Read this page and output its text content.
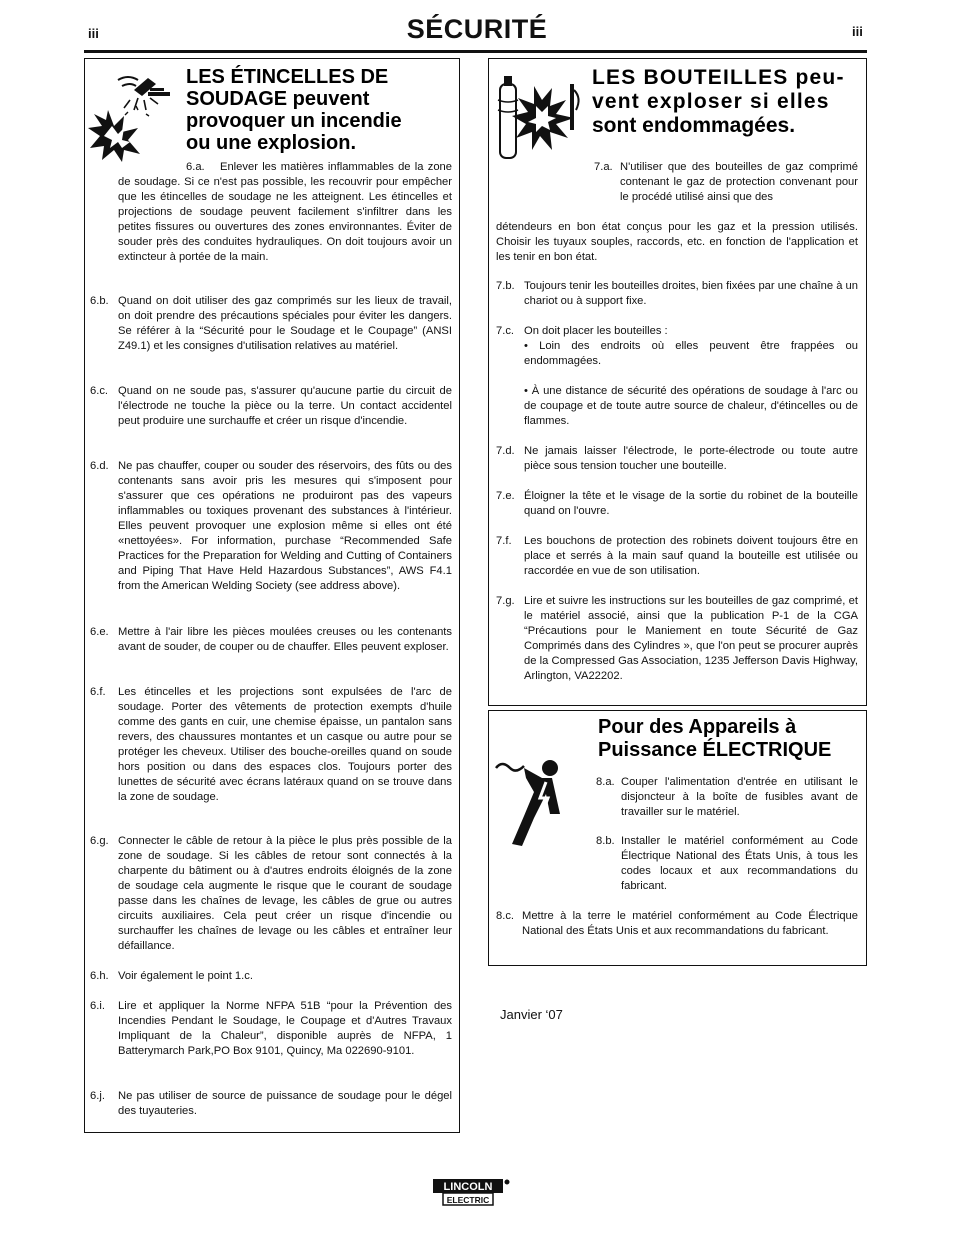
iii	SÉCURITÉ	iii
LES ÉTINCELLES DE
SOUDAGE peuvent
provoquer un incendie
ou une explosion.
6.a.	Enlever les matières inflammables de la zone de soudage. Si ce n'est pas possible, les recouvrir pour empêcher que les étincelles de soudage ne les atteignent. Les étincelles et projections de soudage peuvent facilement s'infiltrer dans les petites fissures ou ouvertures des zones environnantes. Éviter de souder près des conduites hydrauliques. On doit toujours avoir un extincteur à portée de la main.
6.b. Quand on doit utiliser des gaz comprimés sur les lieux de travail, on doit prendre des précautions spéciales pour éviter les dangers. Se référer à la “Sécurité pour le Soudage et le Coupage” (ANSI Z49.1) et les consignes d'utilisation relatives au matériel.
6.c. Quand on ne soude pas, s'assurer qu'aucune partie du circuit de l'électrode ne touche la pièce ou la terre. Un contact accidentel peut produire une surchauffe et créer un risque d'incendie.
6.d. Ne pas chauffer, couper ou souder des réservoirs, des fûts ou des contenants sans avoir pris les mesures qui s'imposent pour s'assurer que ces opérations ne produiront pas des vapeurs inflammables ou toxiques provenant des substances à l'intérieur. Elles peuvent provoquer une explosion même si elles ont été «nettoyées». For information, purchase “Recommended Safe Practices for the Preparation for Welding and Cutting of Containers and Piping That Have Held Hazardous Substances”, AWS F4.1 from the American Welding Society (see address above).
6.e. Mettre à l'air libre les pièces moulées creuses ou les contenants avant de souder, de couper ou de chauffer. Elles peuvent exploser.
6.f. Les étincelles et les projections sont expulsées de l'arc de soudage. Porter des vêtements de protection exempts d'huile comme des gants en cuir, une chemise épaisse, un pantalon sans revers, des chaussures montantes et un casque ou autre pour se protéger les cheveux. Utiliser des bouche-oreilles quand on soude hors position ou dans des espaces clos. Toujours porter des lunettes de sécurité avec écrans latéraux quand on se trouve dans la zone de soudage.
6.g. Connecter le câble de retour à la pièce le plus près possible de la zone de soudage. Si les câbles de retour sont connectés à la charpente du bâtiment ou à d'autres endroits éloignés de la zone de soudage cela augmente le risque que le courant de soudage passe dans les chaînes de levage, les câbles de grue ou autres circuits auxiliaires. Cela peut créer un risque d'incendie ou surchauffer les chaînes de levage ou les câbles et entraîner leur défaillance.
6.h. Voir également le point 1.c.
6.i. Lire et appliquer la Norme NFPA 51B “pour la Prévention des Incendies Pendant le Soudage, le Coupage et d'Autres Travaux Impliquant de la Chaleur”, disponible auprès de NFPA, 1 Batterymarch Park,PO Box 9101, Quincy, Ma 022690-9101.
6.j. Ne pas utiliser de source de puissance de soudage pour le dégel des tuyauteries.
LES BOUTEILLES peu-
vent exploser si elles
sont endommagées.
7.a. N'utiliser que des bouteilles de gaz comprimé contenant le gaz de protection convenant pour le procédé utilisé ainsi que des
détendeurs en bon état conçus pour les gaz et la pression utilisés. Choisir les tuyaux souples, raccords, etc. en fonction de l'application et les tenir en bon état.
7.b. Toujours tenir les bouteilles droites, bien fixées par une chaîne à un chariot ou à support fixe.
7.c. On doit placer les bouteilles :
• Loin des endroits où elles peuvent être frappées ou endommagées.
• À une distance de sécurité des opérations de soudage à l'arc ou de coupage et de toute autre source de chaleur, d'étincelles ou de flammes.
7.d. Ne jamais laisser l'électrode, le porte-électrode ou toute autre pièce sous tension toucher une bouteille.
7.e. Éloigner la tête et le visage de la sortie du robinet de la bouteille quand on l'ouvre.
7.f. Les bouchons de protection des robinets doivent toujours être en place et serrés à la main sauf quand la bouteille est utilisée ou raccordée en vue de son utilisation.
7.g. Lire et suivre les instructions sur les bouteilles de gaz comprimé, et le matériel associé, ainsi que la publication P-1 de la CGA “Précautions pour le Maniement en toute Sécurité de Gaz Comprimés dans des Cylindres », que l'on peut se procurer auprès de la Compressed Gas Association, 1235 Jefferson Davis Highway, Arlington, VA22202.
Pour des Appareils à
Puissance ÉLECTRIQUE
8.a. Couper l'alimentation d'entrée en utilisant le disjoncteur à la boîte de fusibles avant de travailler sur le matériel.
8.b. Installer le matériel conformément au Code Électrique National des États Unis, à tous les codes locaux et aux recommandations du fabricant.
8.c. Mettre à la terre le matériel conformément au Code Électrique National des États Unis et aux recommandations du fabricant.
Janvier ‘07
LINCOLN
ELECTRIC
